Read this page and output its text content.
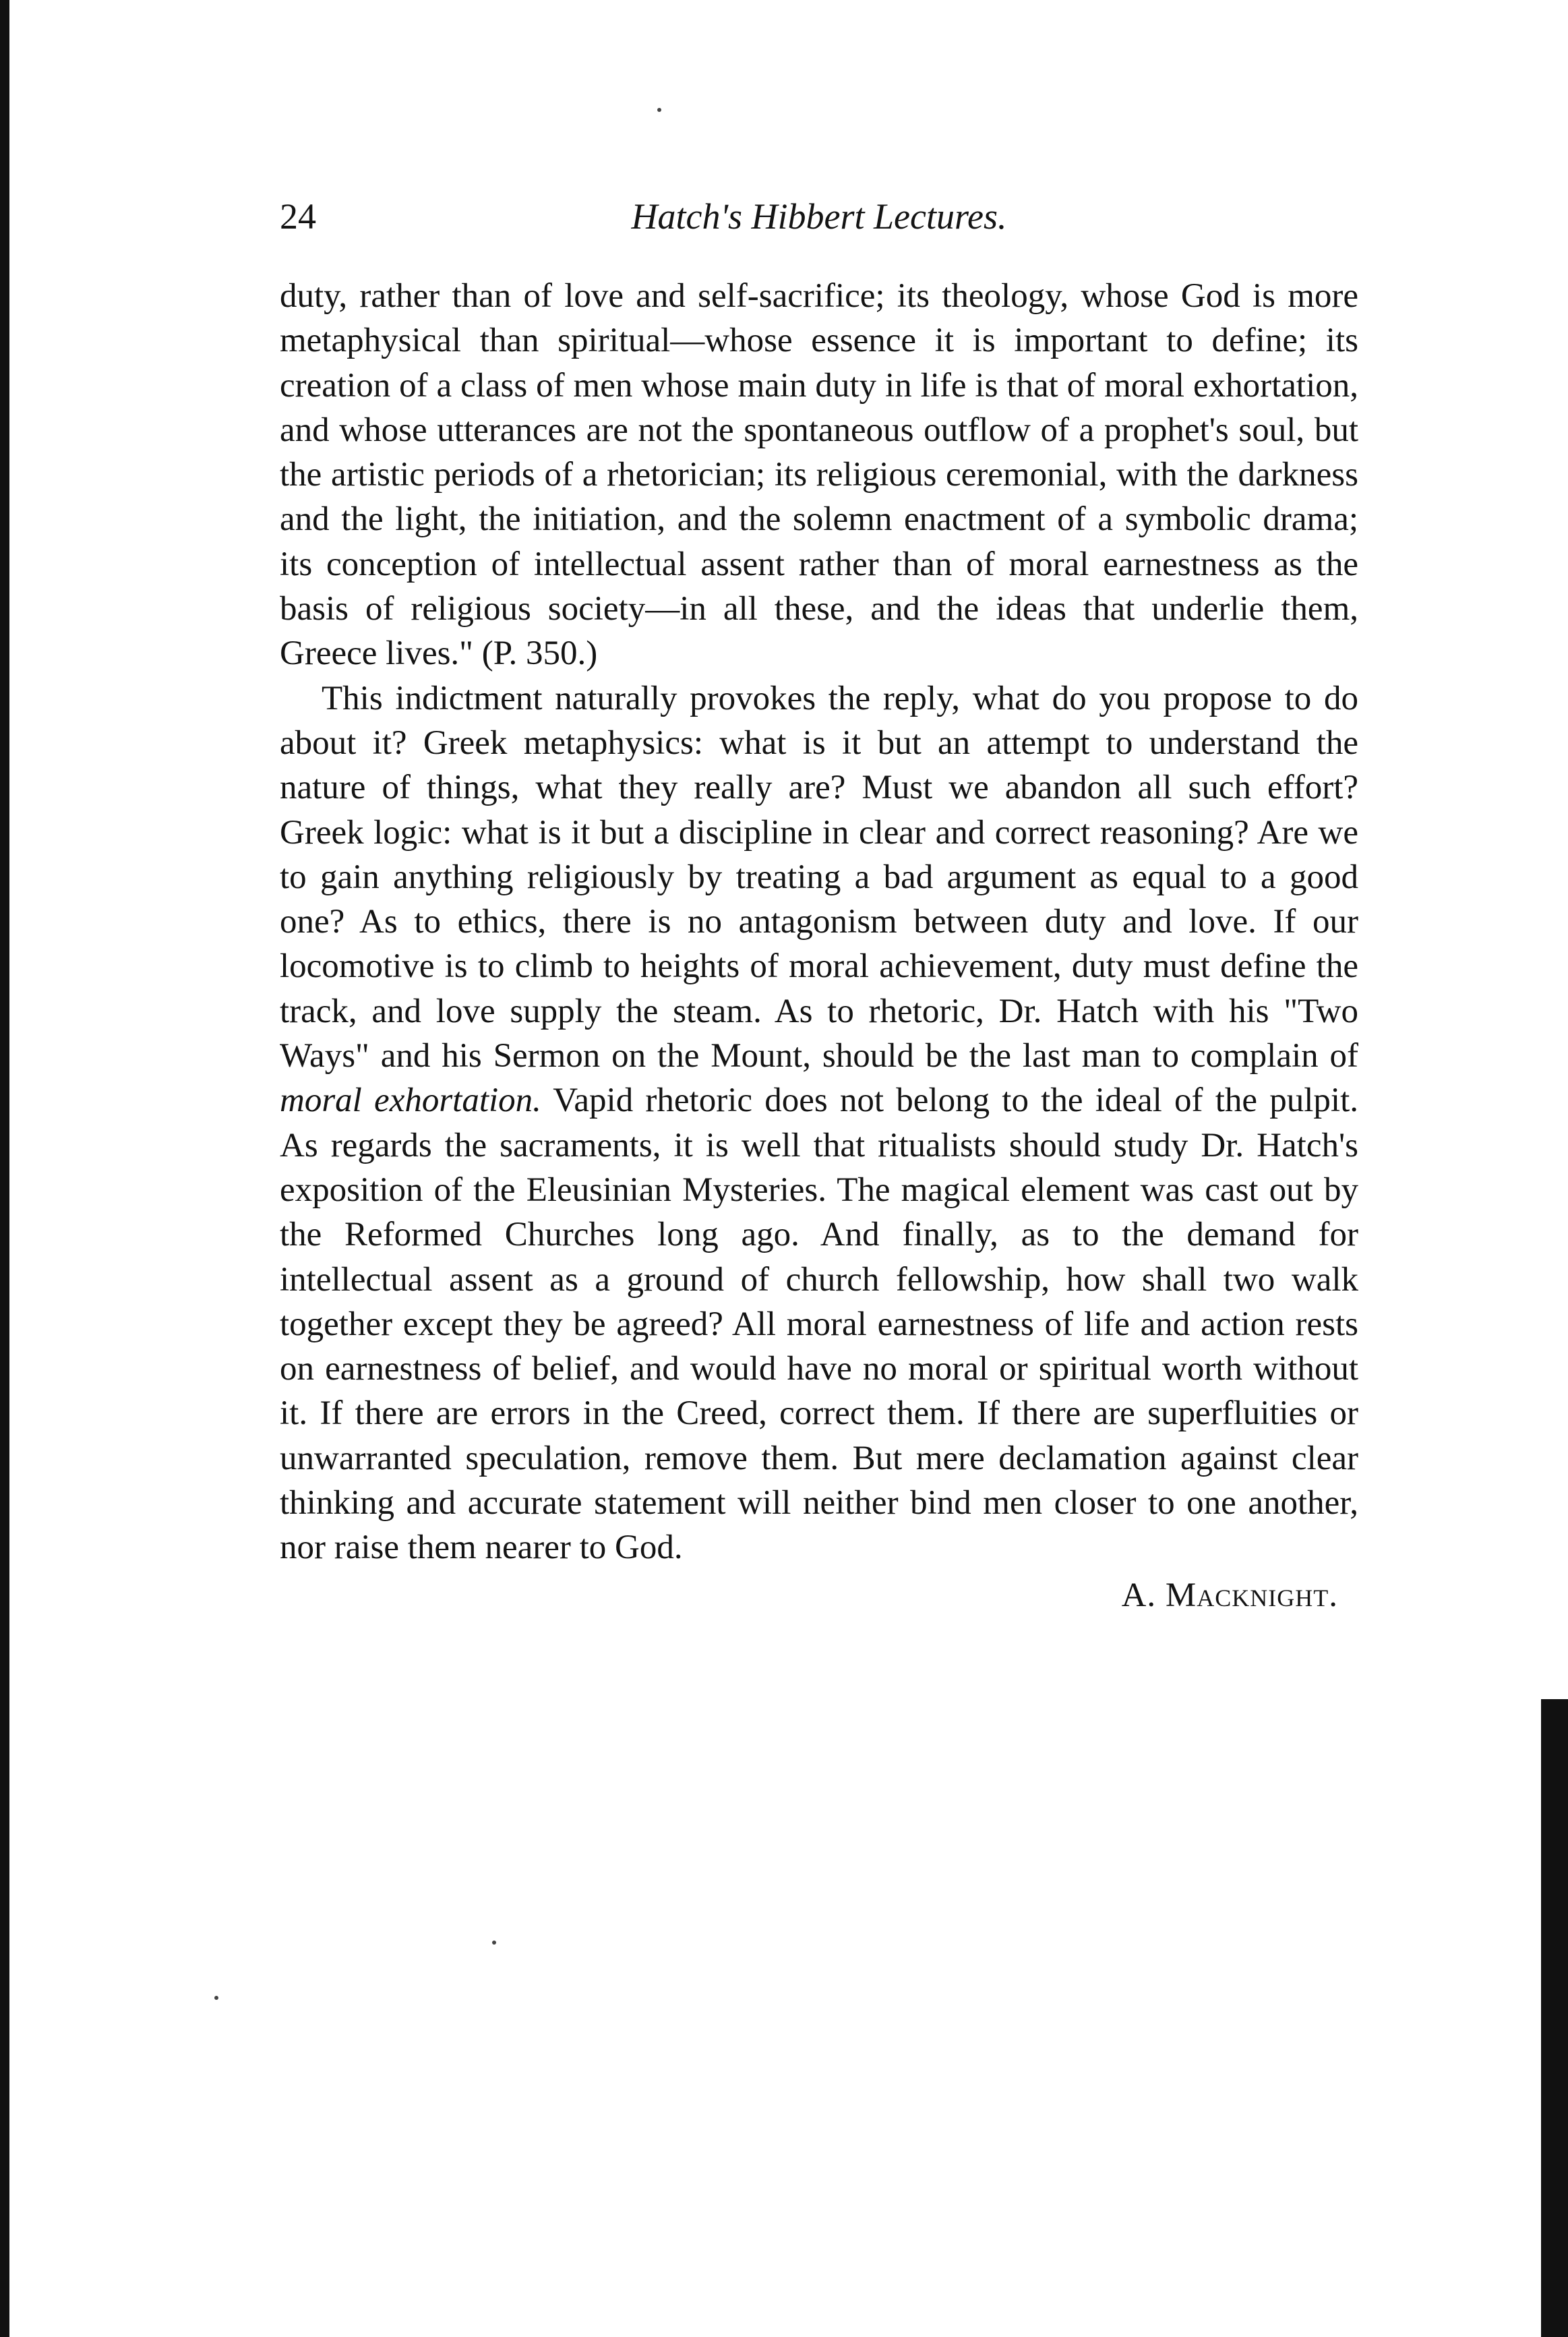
24	Hatch's Hibbert Lectures.

duty, rather than of love and self-sacrifice; its theology, whose God is more metaphysical than spiritual—whose essence it is important to define; its creation of a class of men whose main duty in life is that of moral exhortation, and whose utterances are not the spontaneous outflow of a prophet's soul, but the artistic periods of a rhetorician; its religious ceremonial, with the darkness and the light, the initiation, and the solemn enactment of a symbolic drama; its conception of intellectual assent rather than of moral earnestness as the basis of religious society—in all these, and the ideas that underlie them, Greece lives." (P. 350.)

This indictment naturally provokes the reply, what do you propose to do about it? Greek metaphysics: what is it but an attempt to understand the nature of things, what they really are? Must we abandon all such effort? Greek logic: what is it but a discipline in clear and correct reasoning? Are we to gain anything religiously by treating a bad argument as equal to a good one? As to ethics, there is no antagonism between duty and love. If our locomotive is to climb to heights of moral achievement, duty must define the track, and love supply the steam. As to rhetoric, Dr. Hatch with his "Two Ways" and his Sermon on the Mount, should be the last man to complain of moral exhortation. Vapid rhetoric does not belong to the ideal of the pulpit. As regards the sacraments, it is well that ritualists should study Dr. Hatch's exposition of the Eleusinian Mysteries. The magical element was cast out by the Reformed Churches long ago. And finally, as to the demand for intellectual assent as a ground of church fellowship, how shall two walk together except they be agreed? All moral earnestness of life and action rests on earnestness of belief, and would have no moral or spiritual worth without it. If there are errors in the Creed, correct them. If there are superfluities or unwarranted speculation, remove them. But mere declamation against clear thinking and accurate statement will neither bind men closer to one another, nor raise them nearer to God.

A. Macknight.
